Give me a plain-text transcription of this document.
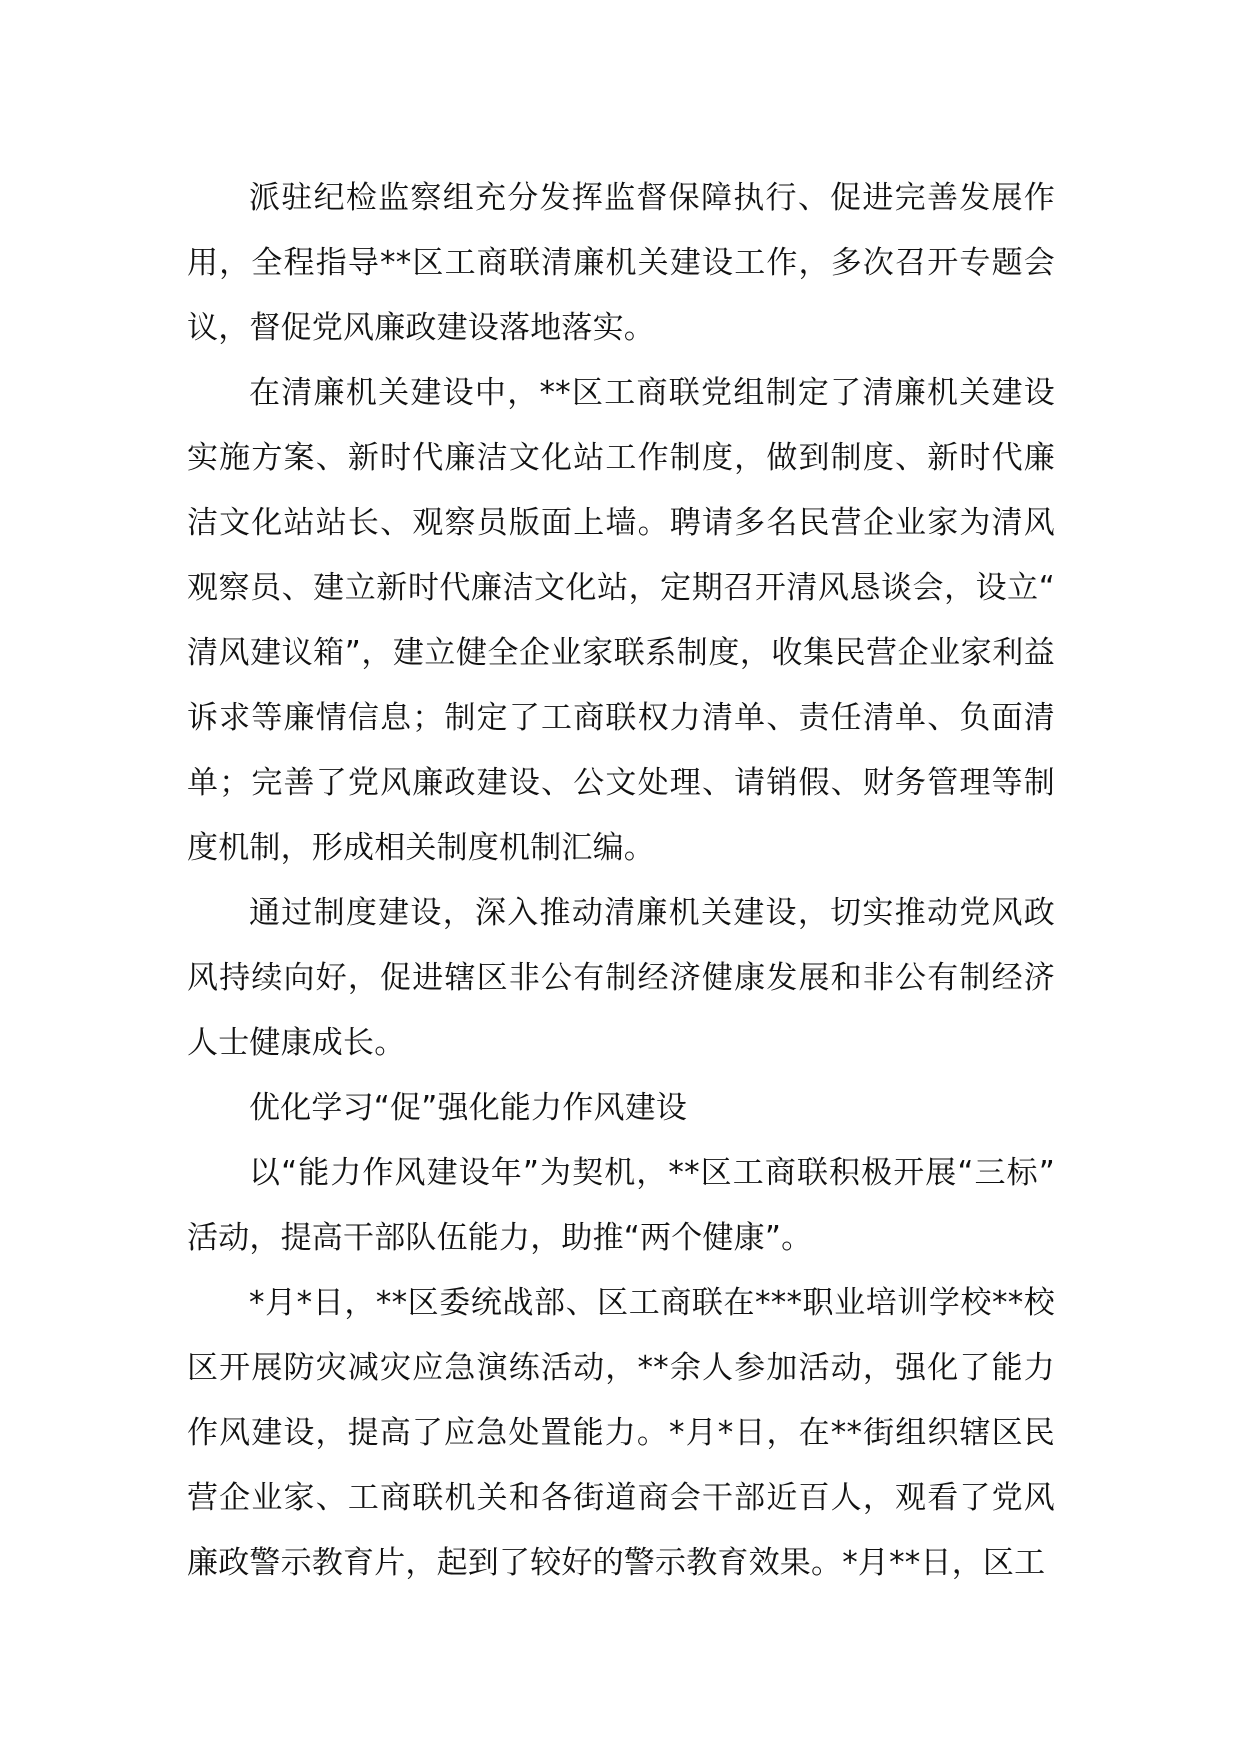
派驻纪检监察组充分发挥监督保障执行、促进完善发展作用，全程指导**区工商联清廉机关建设工作，多次召开专题会议，督促党风廉政建设落地落实。

在清廉机关建设中，**区工商联党组制定了清廉机关建设实施方案、新时代廉洁文化站工作制度，做到制度、新时代廉洁文化站站长、观察员版面上墙。聘请多名民营企业家为清风观察员、建立新时代廉洁文化站，定期召开清风恳谈会，设立“清风建议箱”，建立健全企业家联系制度，收集民营企业家利益诉求等廉情信息；制定了工商联权力清单、责任清单、负面清单；完善了党风廉政建设、公文处理、请销假、财务管理等制度机制，形成相关制度机制汇编。

通过制度建设，深入推动清廉机关建设，切实推动党风政风持续向好，促进辖区非公有制经济健康发展和非公有制经济人士健康成长。

优化学习“促”强化能力作风建设

以“能力作风建设年”为契机，**区工商联积极开展“三标”活动，提高干部队伍能力，助推“两个健康”。

*月*日，**区委统战部、区工商联在***职业培训学校**校区开展防灾减灾应急演练活动，**余人参加活动，强化了能力作风建设，提高了应急处置能力。*月*日，在**街组织辖区民营企业家、工商联机关和各街道商会干部近百人，观看了党风廉政警示教育片，起到了较好的警示教育效果。*月**日，区工
